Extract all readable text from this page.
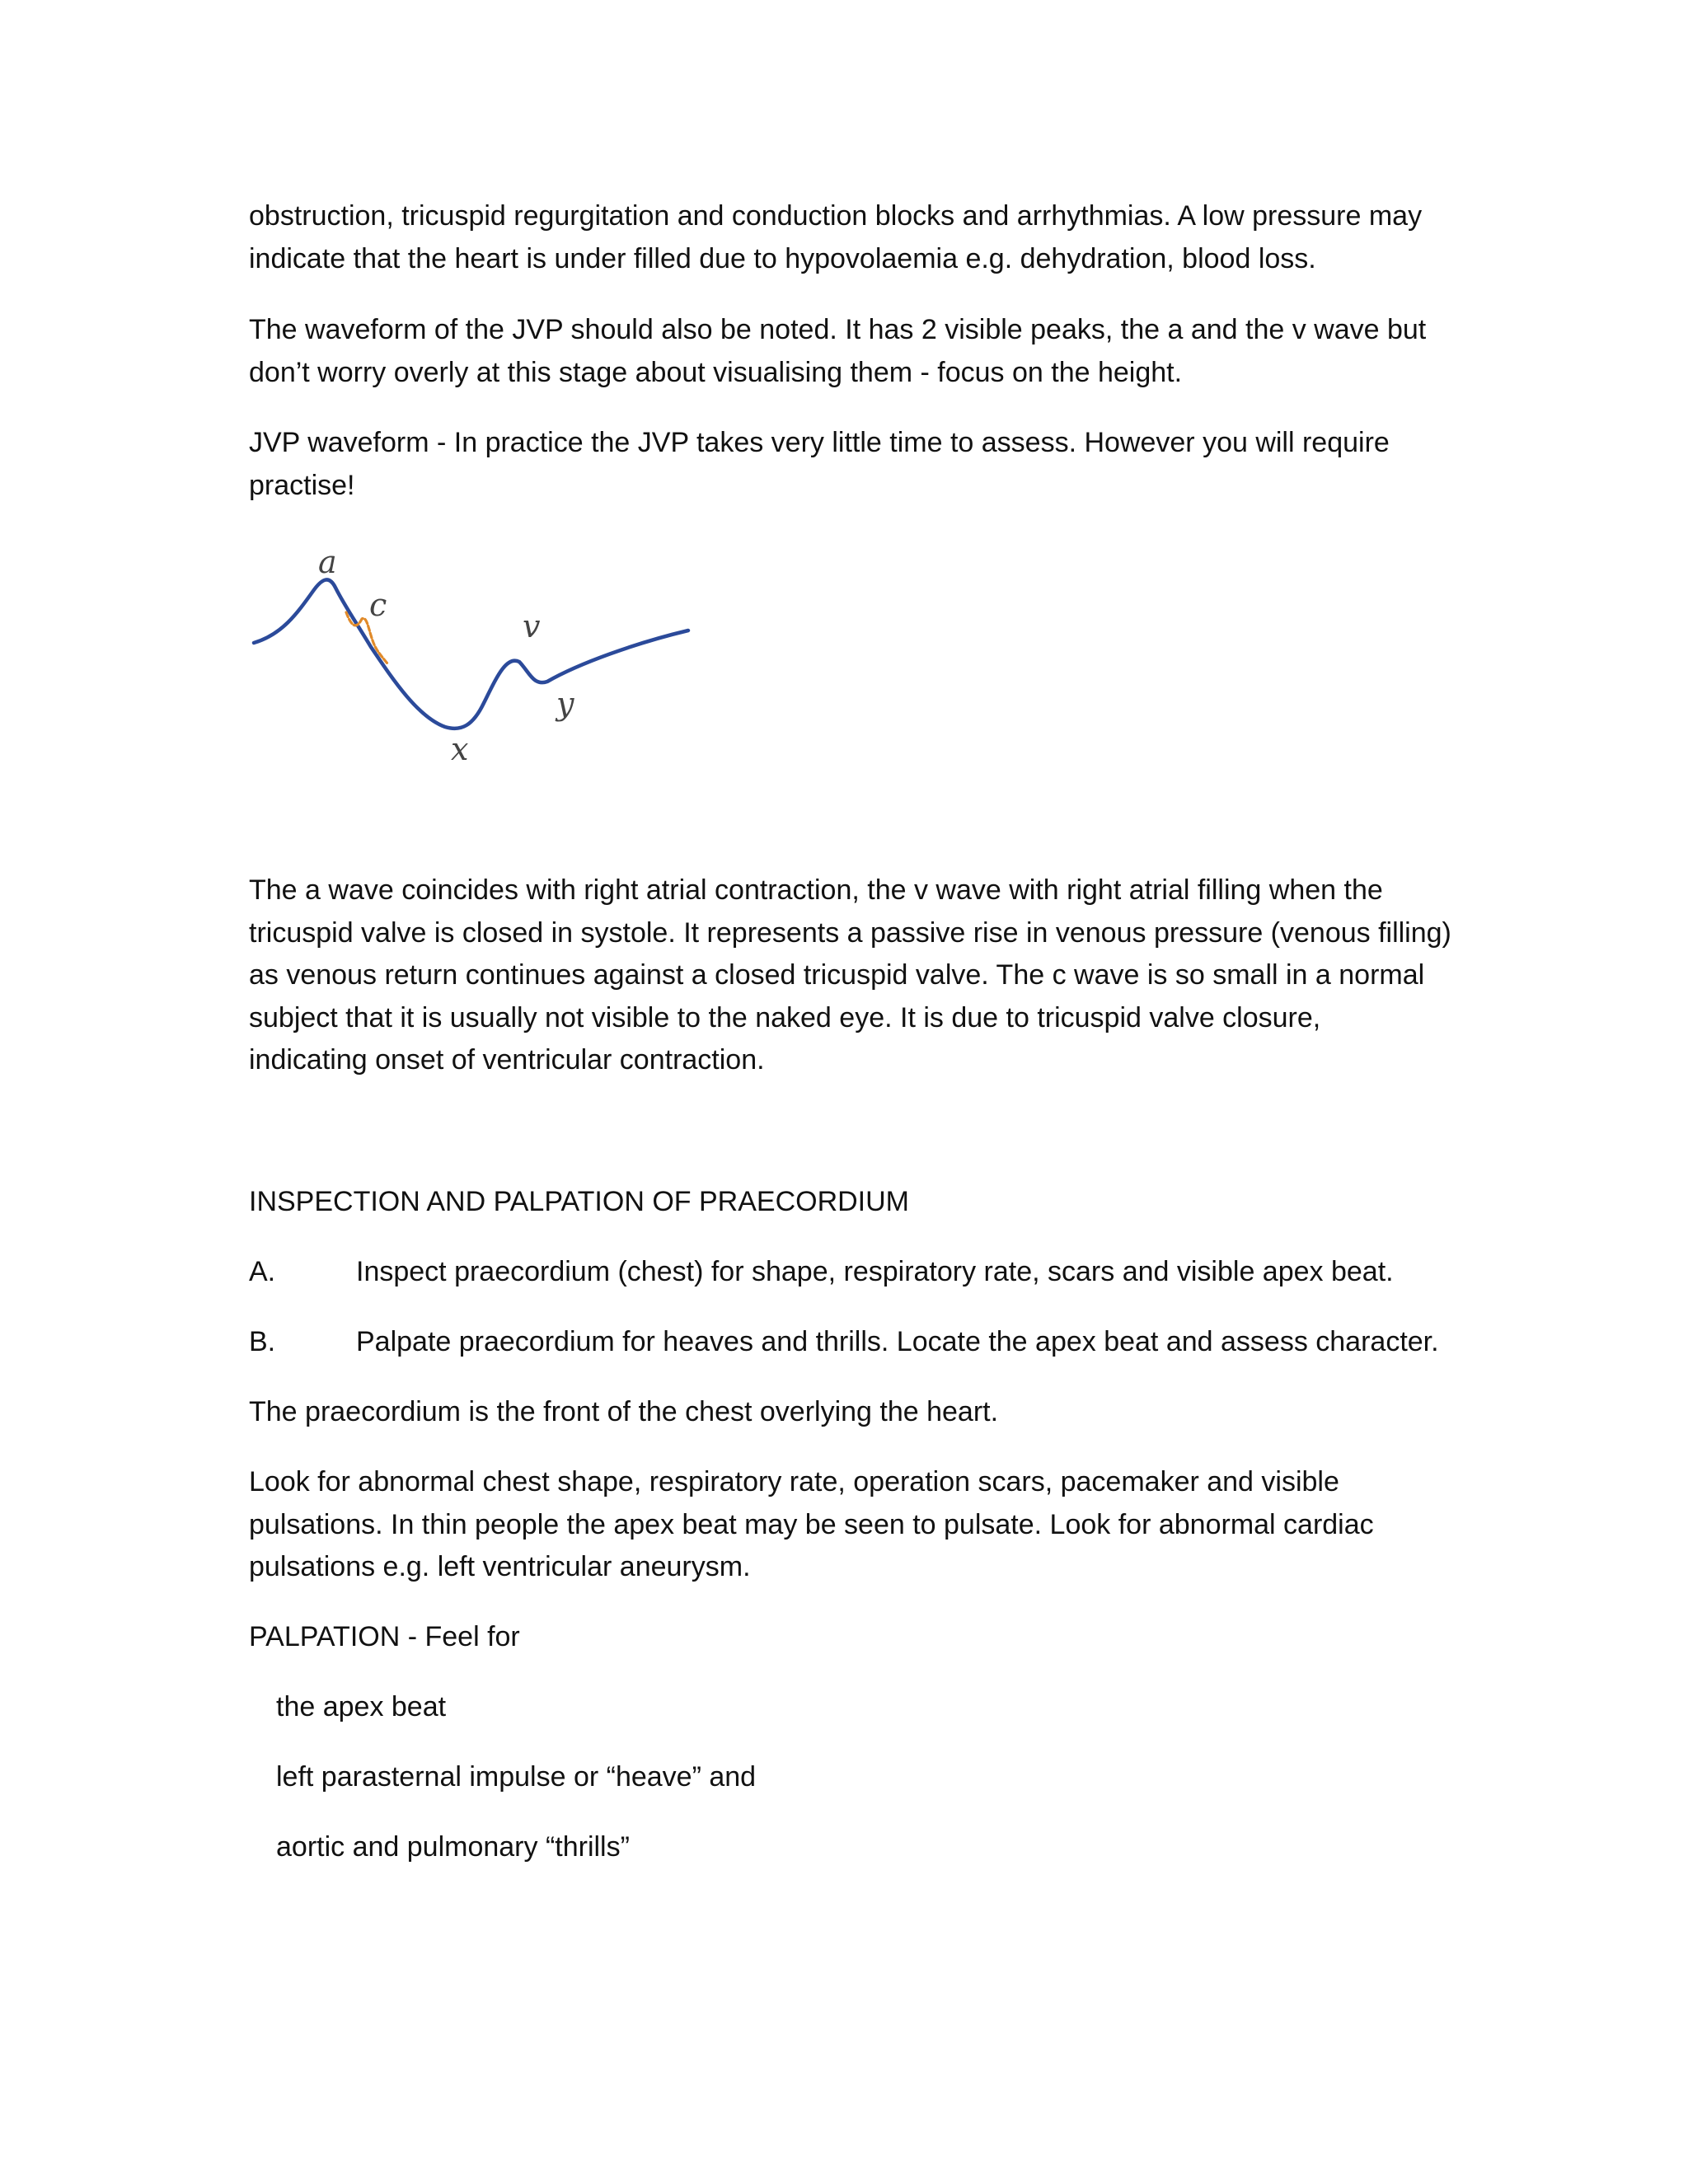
obstruction, tricuspid regurgitation and conduction blocks and arrhythmias. A low pressure may
indicate that the heart is under filled due to hypovolaemia e.g. dehydration, blood loss.

The waveform of the JVP should also be noted. It has 2 visible peaks, the a and the v wave but
don’t worry overly at this stage about visualising them - focus on the height.

JVP waveform - In practice the JVP takes very little time to assess. However you will require
practise!

a
c
v
x
y

The a wave coincides with right atrial contraction, the v wave with right atrial filling when the
tricuspid valve is closed in systole. It represents a passive rise in venous pressure (venous filling)
as venous return continues against a closed tricuspid valve. The c wave is so small in a normal
subject that it is usually not visible to the naked eye. It is due to tricuspid valve closure,
indicating onset of ventricular contraction.

INSPECTION AND PALPATION OF PRAECORDIUM

A.	Inspect praecordium (chest) for shape, respiratory rate, scars and visible apex beat.
B.	Palpate praecordium for heaves and thrills. Locate the apex beat and assess character.

The praecordium is the front of the chest overlying the heart.

Look for abnormal chest shape, respiratory rate, operation scars, pacemaker and visible
pulsations. In thin people the apex beat may be seen to pulsate. Look for abnormal cardiac
pulsations e.g. left ventricular aneurysm.

PALPATION - Feel for

the apex beat
left parasternal impulse or “heave” and
aortic and pulmonary “thrills”
